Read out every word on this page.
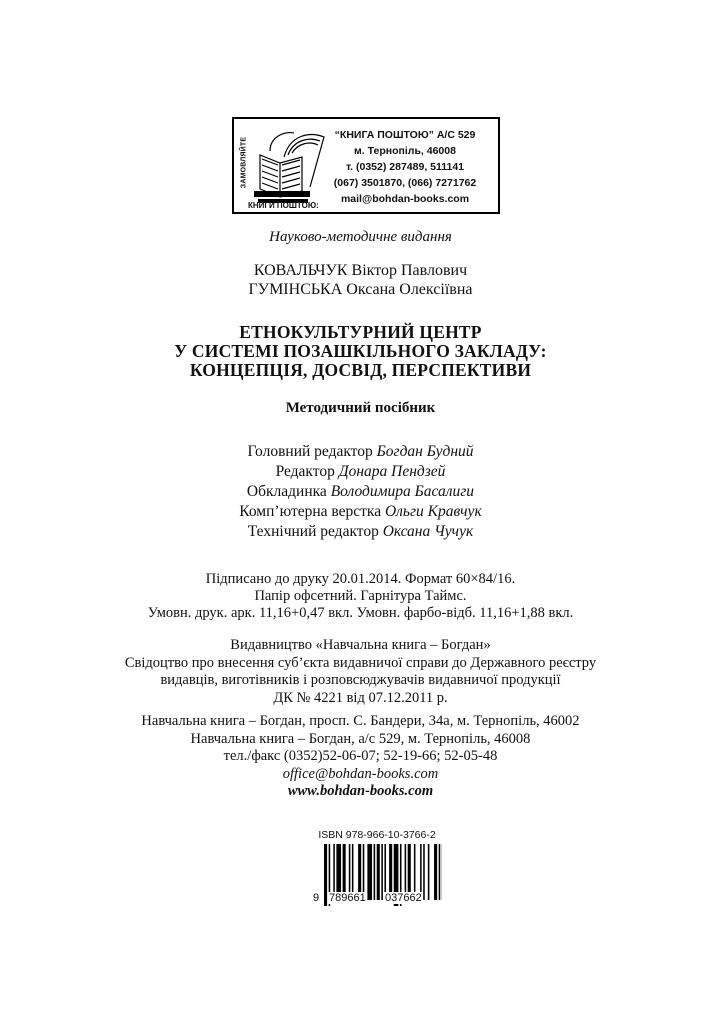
ЗАМОВЛЯЙТЕ
КНИГИ ПОШТОЮ:
“КНИГА ПОШТОЮ” А/С 529
м. Тернопіль, 46008
т. (0352) 287489, 511141
(067) 3501870, (066) 7271762
mail@bohdan-books.com
Науково-методичне видання
КОВАЛЬЧУК Віктор Павлович
ГУМІНСЬКА Оксана Олексіївна
ЕТНОКУЛЬТУРНИЙ ЦЕНТР
У СИСТЕМІ ПОЗАШКІЛЬНОГО ЗАКЛАДУ:
КОНЦЕПЦІЯ, ДОСВІД, ПЕРСПЕКТИВИ
Методичний посібник
Головний редактор Богдан Будний
Редактор Донара Пендзей
Обкладинка Володимира Басалиги
Комп’ютерна верстка Ольги Кравчук
Технічний редактор Оксана Чучук
Підписано до друку 20.01.2014. Формат 60×84/16.
Папір офсетний. Гарнітура Таймс.
Умовн. друк. арк. 11,16+0,47 вкл. Умовн. фарбо-відб. 11,16+1,88 вкл.
Видавництво «Навчальна книга – Богдан»
Свідоцтво про внесення суб’єкта видавничої справи до Державного реєстру
видавців, виготівників і розповсюджувачів видавничої продукції
ДК № 4221 від 07.12.2011 р.
Навчальна книга – Богдан, просп. С. Бандери, 34а, м. Тернопіль, 46002
Навчальна книга – Богдан, а/с 529, м. Тернопіль, 46008
тел./факс (0352)52-06-07; 52-19-66; 52-05-48
office@bohdan-books.com
www.bohdan-books.com
ISBN 978-966-10-3766-2
9 789661 037662
